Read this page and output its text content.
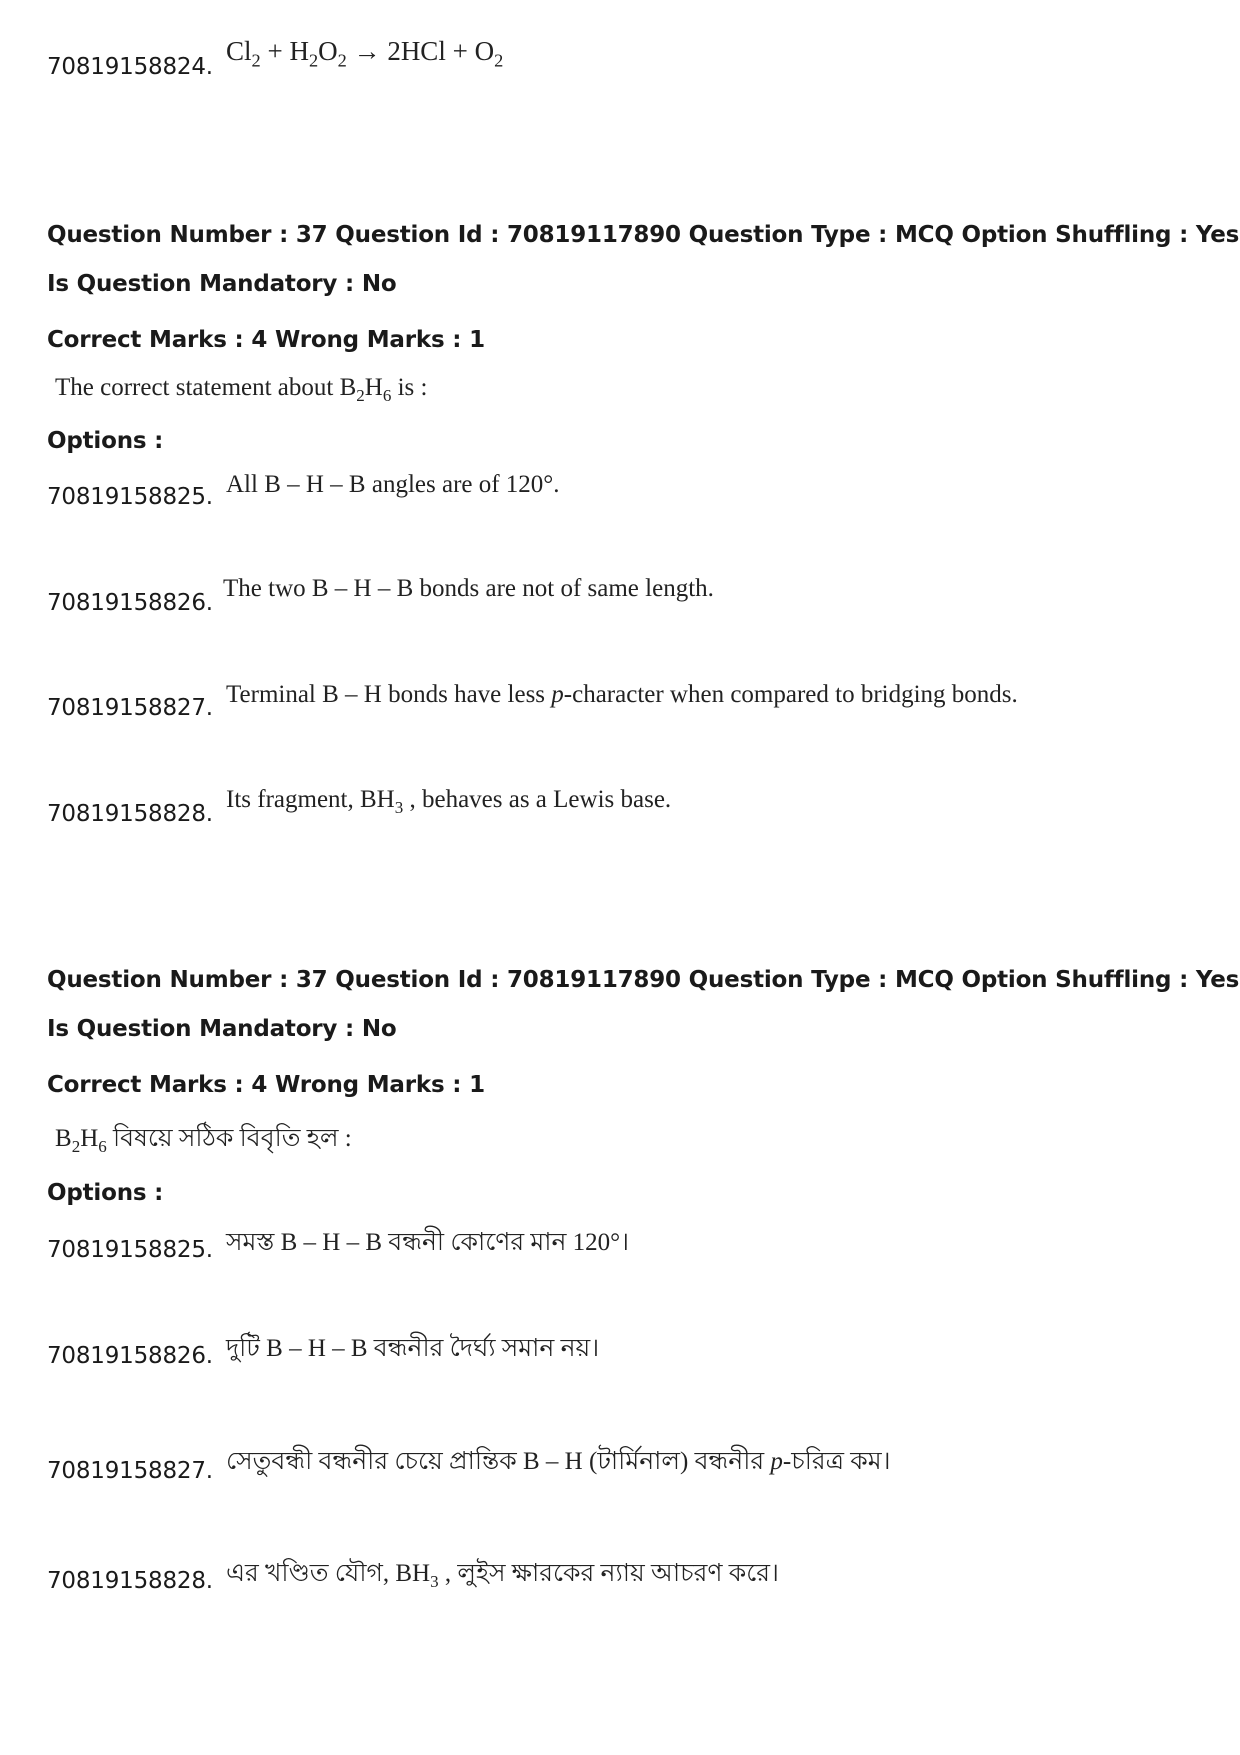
70819158824.
$Cl_2 + H_2O_2 \to 2HCl + O_2$
Question Number : 37 Question Id : 70819117890 Question Type : MCQ Option Shuffling : Yes
Is Question Mandatory : No
Correct Marks : 4 Wrong Marks : 1
The correct statement about $B_2H_6$ is :
Options :
70819158825. All B – H – B angles are of 120°.
70819158826.
The two B – H – B bonds are not of same length.
70819158827. Terminal B – H bonds have less p-character when compared to bridging bonds.
70819158828.
Its fragment, $BH_3$ , behaves as a Lewis base.
Question Number : 37 Question Id : 70819117890 Question Type : MCQ Option Shuffling : Yes
Is Question Mandatory : No
Correct Marks : 4 Wrong Marks : 1
$B_2H_6$ বিষয়ে সঠিক বিবৃতি হল :
Options :
70819158825. সমস্ত B – H – B বন্ধনী কোণের মান 120°।
70819158826. দুটি B – H – B বন্ধনীর দৈর্ঘ্য সমান নয়।
70819158827. সেতুবন্ধী বন্ধনীর চেয়ে প্রান্তিক B – H (টার্মিনাল) বন্ধনীর p-চরিত্র কম।
70819158828. এর খণ্ডিত যৌগ, $BH_3$ , লুইস ক্ষারকের ন্যায় আচরণ করে।
